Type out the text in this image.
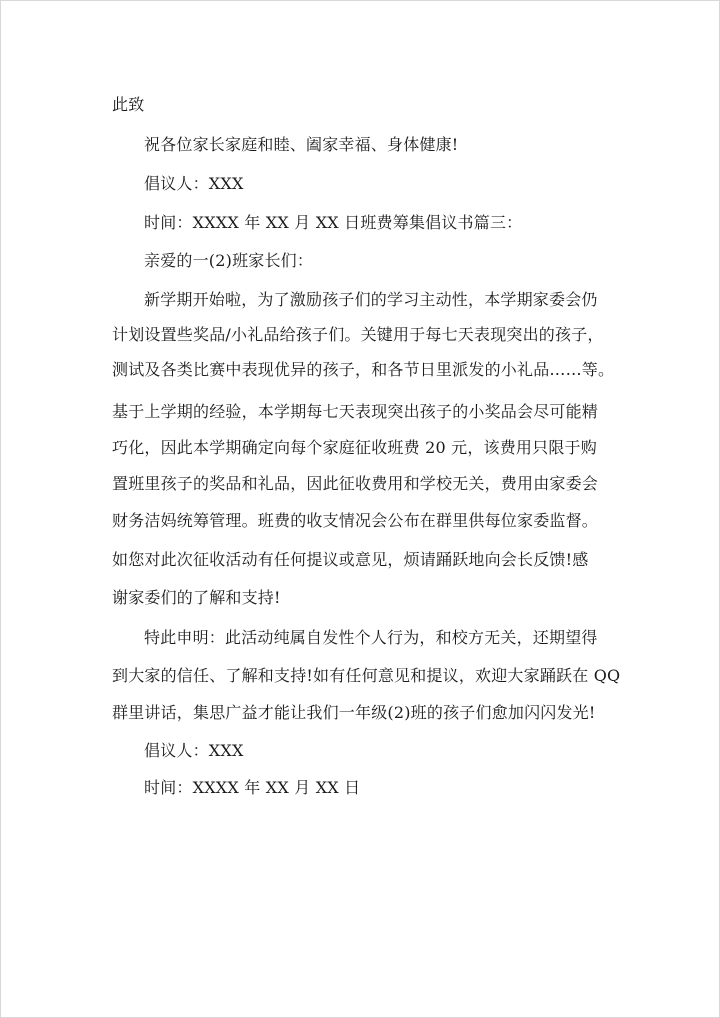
此致
祝各位家长家庭和睦、阖家幸福、身体健康!
倡议人：XXX
时间：XXXX 年 XX 月 XX 日班费筹集倡议书篇三：
亲爱的一(2)班家长们：
新学期开始啦，为了激励孩子们的学习主动性，本学期家委会仍
计划设置些奖品/小礼品给孩子们。关键用于每七天表现突出的孩子，
测试及各类比赛中表现优异的孩子，和各节日里派发的小礼品……等。
基于上学期的经验，本学期每七天表现突出孩子的小奖品会尽可能精
巧化，因此本学期确定向每个家庭征收班费 20 元，该费用只限于购
置班里孩子的奖品和礼品，因此征收费用和学校无关，费用由家委会
财务洁妈统筹管理。班费的收支情况会公布在群里供每位家委监督。
如您对此次征收活动有任何提议或意见，烦请踊跃地向会长反馈!感
谢家委们的了解和支持!
特此申明：此活动纯属自发性个人行为，和校方无关，还期望得
到大家的信任、了解和支持!如有任何意见和提议，欢迎大家踊跃在 QQ
群里讲话，集思广益才能让我们一年级(2)班的孩子们愈加闪闪发光!
倡议人：XXX
时间：XXXX 年 XX 月 XX 日
